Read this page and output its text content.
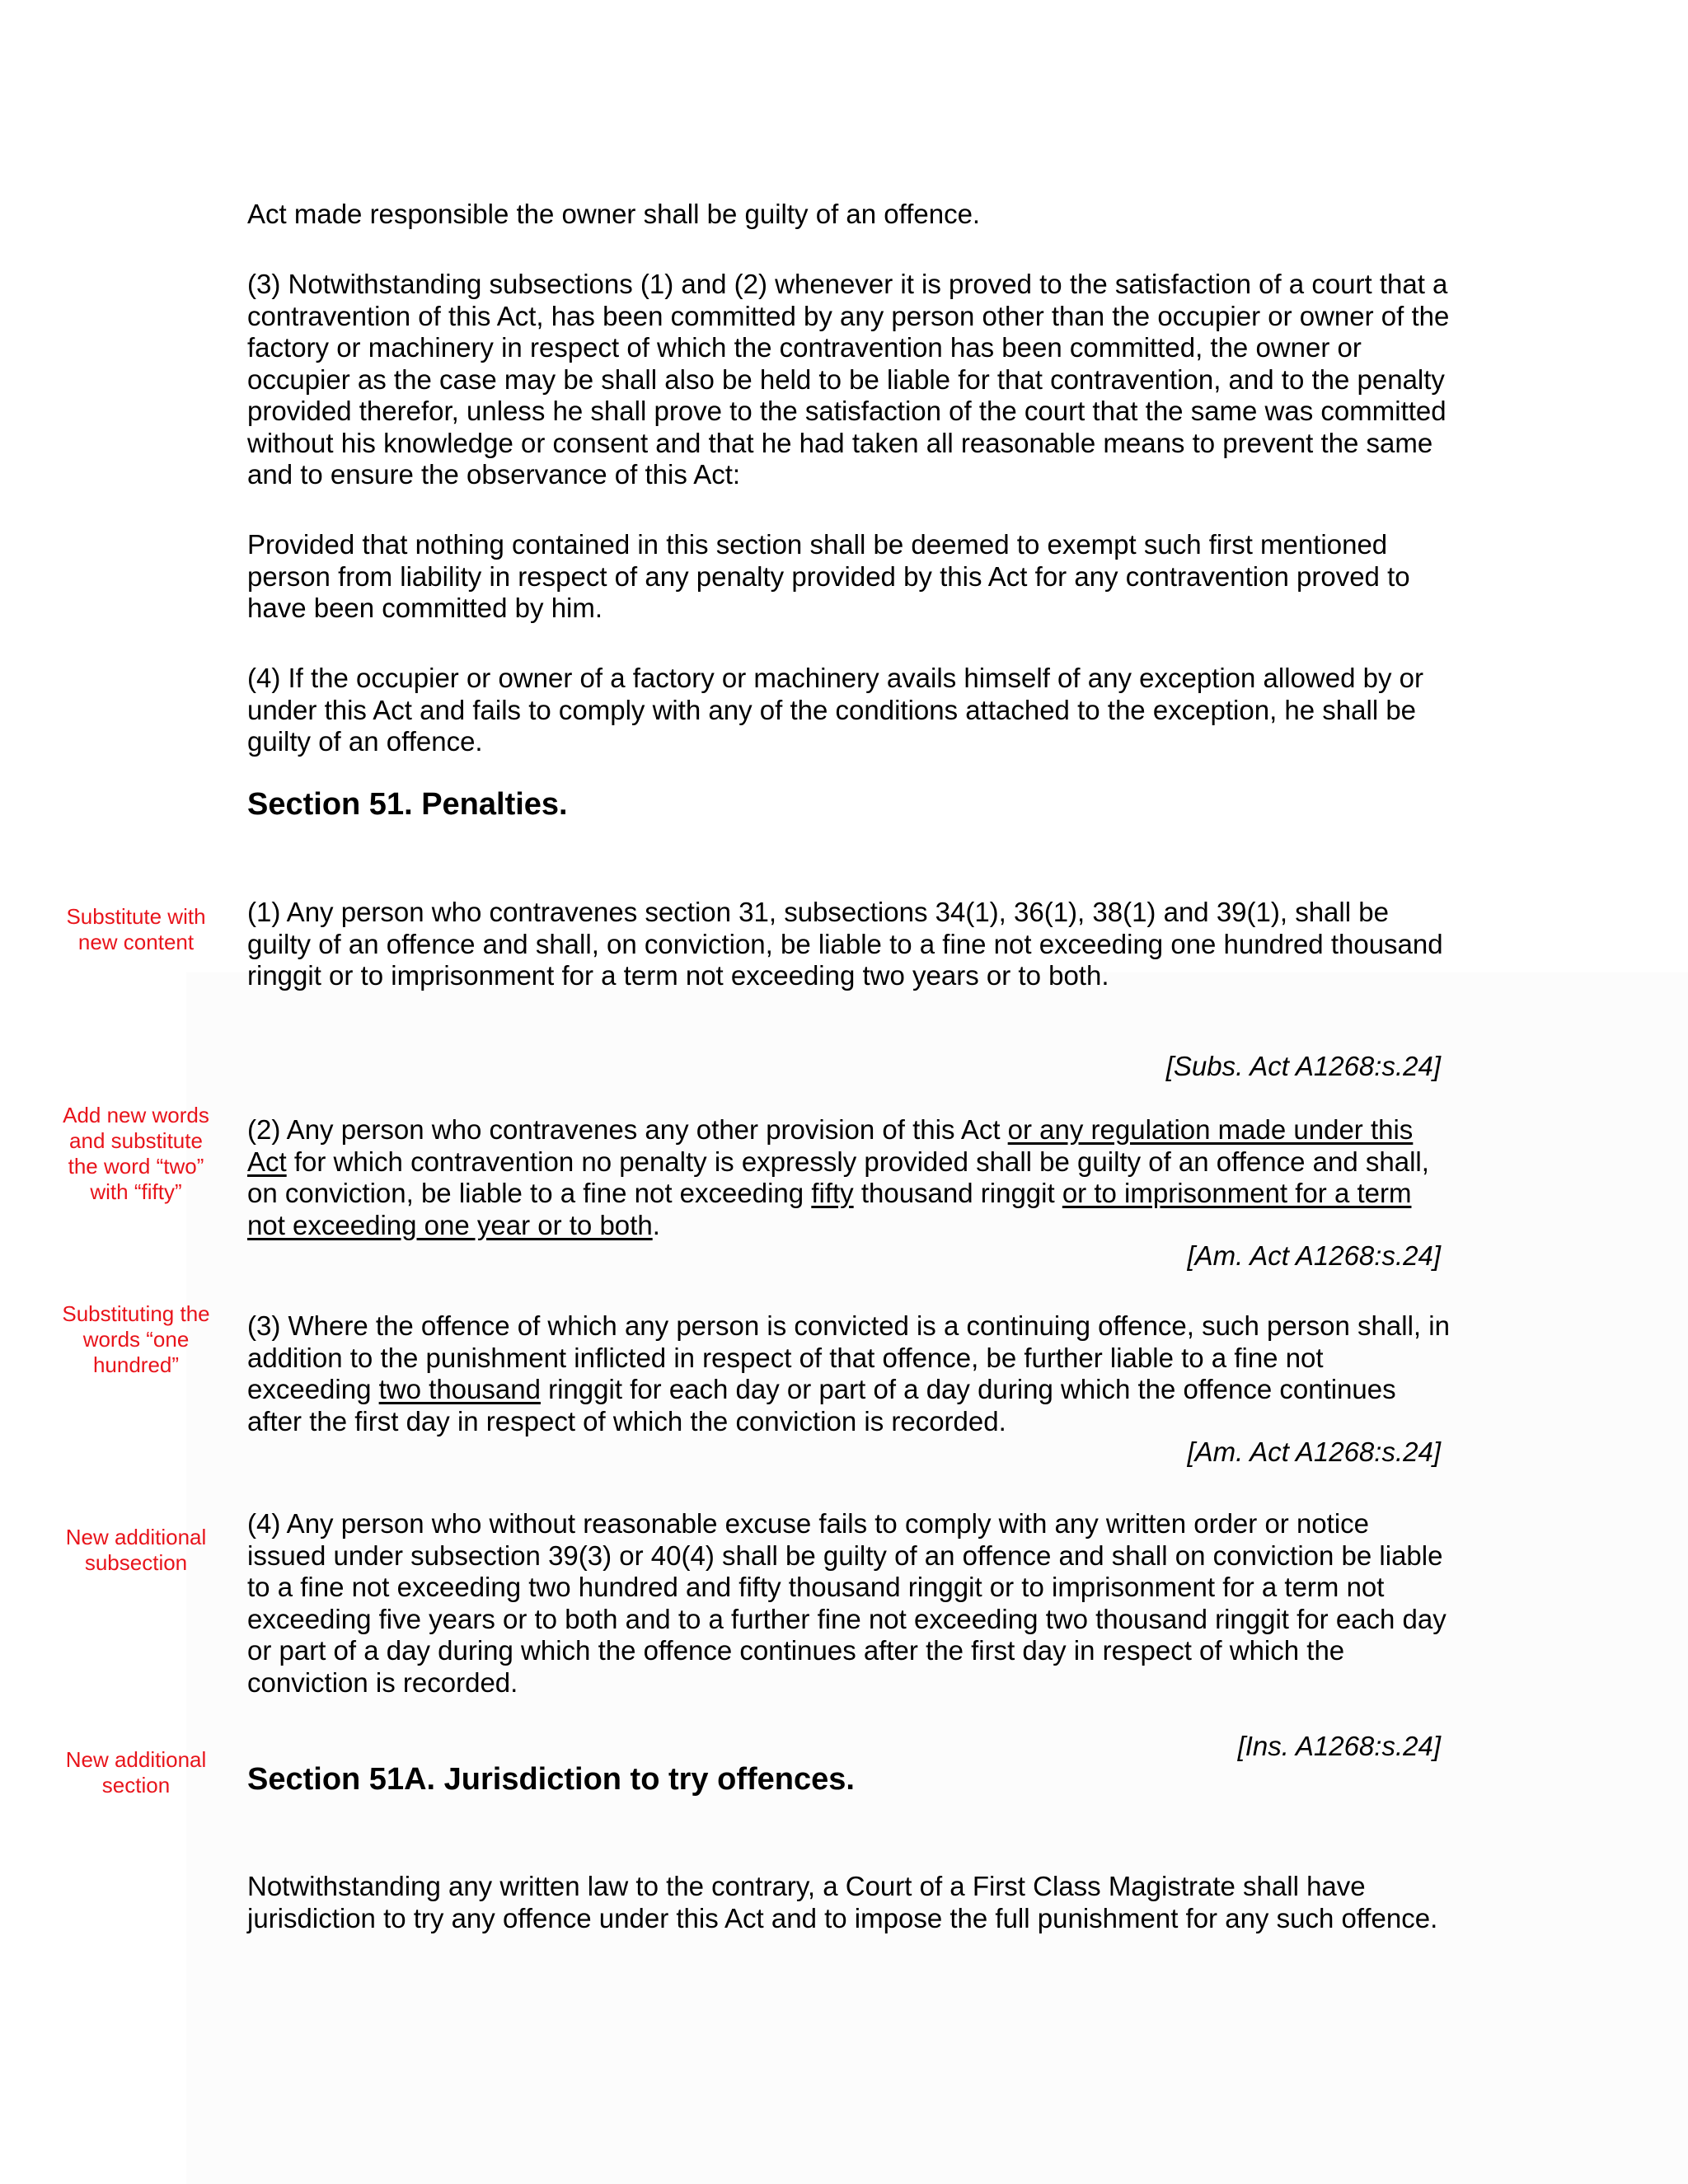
Act made responsible the owner shall be guilty of an offence.

(3) Notwithstanding subsections (1) and (2) whenever it is proved to the satisfaction of a court that a contravention of this Act, has been committed by any person other than the occupier or owner of the factory or machinery in respect of which the contravention has been committed, the owner or occupier as the case may be shall also be held to be liable for that contravention, and to the penalty provided therefor, unless he shall prove to the satisfaction of the court that the same was committed without his knowledge or consent and that he had taken all reasonable means to prevent the same and to ensure the observance of this Act:

Provided that nothing contained in this section shall be deemed to exempt such first mentioned person from liability in respect of any penalty provided by this Act for any contravention proved to have been committed by him.

(4) If the occupier or owner of a factory or machinery avails himself of any exception allowed by or under this Act and fails to comply with any of the conditions attached to the exception, he shall be guilty of an offence.

Section 51. Penalties.
Substitute with new content

(1) Any person who contravenes section 31, subsections 34(1), 36(1), 38(1) and 39(1), shall be guilty of an offence and shall, on conviction, be liable to a fine not exceeding one hundred thousand ringgit or to imprisonment for a term not exceeding two years or to both.

[Subs. Act A1268:s.24]
Add new words and substitute the word “two” with “fifty”

(2) Any person who contravenes any other provision of this Act or any regulation made under this Act for which contravention no penalty is expressly provided shall be guilty of an offence and shall, on conviction, be liable to a fine not exceeding fifty thousand ringgit or to imprisonment for a term not exceeding one year or to both.

[Am. Act A1268:s.24]
Substituting the words “one hundred”

(3) Where the offence of which any person is convicted is a continuing offence, such person shall, in addition to the punishment inflicted in respect of that offence, be further liable to a fine not exceeding two thousand ringgit for each day or part of a day during which the offence continues after the first day in respect of which the conviction is recorded.

[Am. Act A1268:s.24]
New additional subsection

(4) Any person who without reasonable excuse fails to comply with any written order or notice issued under subsection 39(3) or 40(4) shall be guilty of an offence and shall on conviction be liable to a fine not exceeding two hundred and fifty thousand ringgit or to imprisonment for a term not exceeding five years or to both and to a further fine not exceeding two thousand ringgit for each day or part of a day during which the offence continues after the first day in respect of which the conviction is recorded.

[Ins. A1268:s.24]
New additional section	Section 51A. Jurisdiction to try offences.

Notwithstanding any written law to the contrary, a Court of a First Class Magistrate shall have jurisdiction to try any offence under this Act and to impose the full punishment for any such offence.
